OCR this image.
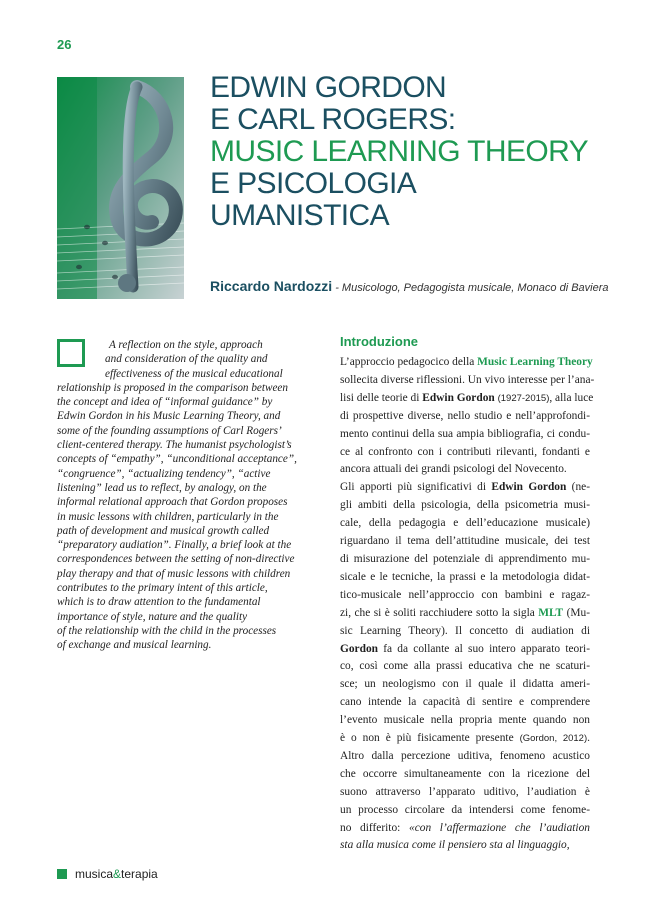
26
EDWIN GORDON
E CARL ROGERS:
MUSIC LEARNING THEORY
E PSICOLOGIA
UMANISTICA
Riccardo Nardozzi - Musicologo, Pedagogista musicale, Monaco di Baviera
A reflection on the style, approach
and consideration of the quality and
effectiveness of the musical educational
relationship is proposed in the comparison between
the concept and idea of “informal guidance” by
Edwin Gordon in his Music Learning Theory, and
some of the founding assumptions of Carl Rogers’
client-centered therapy. The humanist psychologist’s
concepts of “empathy”, “unconditional acceptance”,
“congruence”, “actualizing tendency”, “active
listening” lead us to reflect, by analogy, on the
informal relational approach that Gordon proposes
in music lessons with children, particularly in the
path of development and musical growth called
“preparatory audiation”. Finally, a brief look at the
correspondences between the setting of non-directive
play therapy and that of music lessons with children
contributes to the primary intent of this article,
which is to draw attention to the fundamental
importance of style, nature and the quality
of the relationship with the child in the processes
of exchange and musical learning.
Introduzione
L’approccio pedagocico della Music Learning Theory
sollecita diverse riflessioni. Un vivo interesse per l’ana-
lisi delle teorie di Edwin Gordon (1927-2015), alla luce
di prospettive diverse, nello studio e nell’approfondi-
mento continui della sua ampia bibliografia, ci condu-
ce al confronto con i contributi rilevanti, fondanti e
ancora attuali dei grandi psicologi del Novecento.
Gli apporti più significativi di Edwin Gordon (ne-
gli ambiti della psicologia, della psicometria musi-
cale, della pedagogia e dell’educazione musicale)
riguardano il tema dell’attitudine musicale, dei test
di misurazione del potenziale di apprendimento mu-
sicale e le tecniche, la prassi e la metodologia didat-
tico-musicale nell’approccio con bambini e ragaz-
zi, che si è soliti racchiudere sotto la sigla MLT (Mu-
sic Learning Theory). Il concetto di audiation di
Gordon fa da collante al suo intero apparato teori-
co, così come alla prassi educativa che ne scaturi-
sce; un neologismo con il quale il didatta ameri-
cano intende la capacità di sentire e comprendere
l’evento musicale nella propria mente quando non
è o non è più fisicamente presente (Gordon, 2012).
Altro dalla percezione uditiva, fenomeno acustico
che occorre simultaneamente con la ricezione del
suono attraverso l’apparato uditivo, l’audiation è
un processo circolare da intendersi come fenome-
no differito: «con l’affermazione che l’audiation
sta alla musica come il pensiero sta al linguaggio,
musica&terapia
